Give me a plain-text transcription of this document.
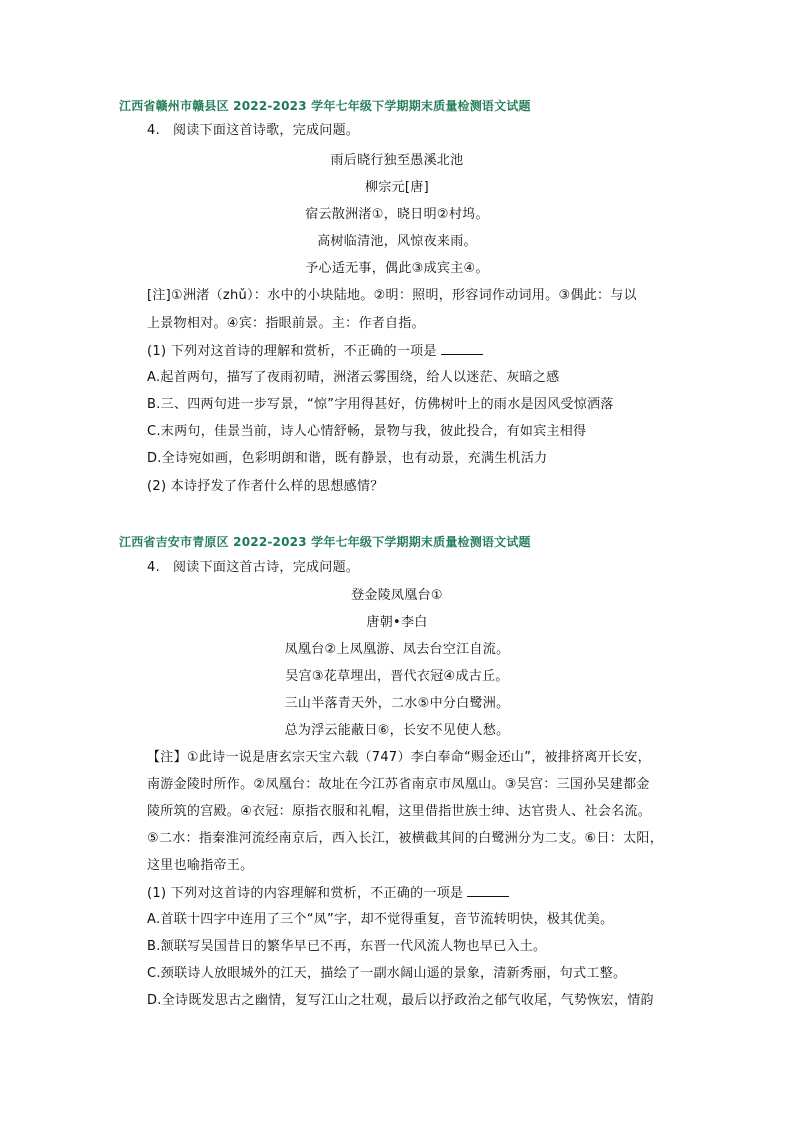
江西省赣州市赣县区 2022-2023 学年七年级下学期期末质量检测语文试题
4. 阅读下面这首诗歌，完成问题。
雨后晓行独至愚溪北池
柳宗元[唐]
宿云散洲渚①，晓日明②村坞。
高树临清池，风惊夜来雨。
予心适无事，偶此③成宾主④。
[注]①洲渚（zhǔ）：水中的小块陆地。②明：照明，形容词作动词用。③偶此：与以
上景物相对。④宾：指眼前景。主：作者自指。
(1) 下列对这首诗的理解和赏析，不正确的一项是
A.起首两句，描写了夜雨初晴，洲渚云雾围绕，给人以迷茫、灰暗之感
B.三、四两句进一步写景，“惊”字用得甚好，仿佛树叶上的雨水是因风受惊洒落
C.末两句，佳景当前，诗人心情舒畅，景物与我，彼此投合，有如宾主相得
D.全诗宛如画，色彩明朗和谐，既有静景，也有动景，充满生机活力
(2) 本诗抒发了作者什么样的思想感情？
江西省吉安市青原区 2022-2023 学年七年级下学期期末质量检测语文试题
4. 阅读下面这首古诗，完成问题。
登金陵凤凰台①
唐朝•李白
凤凰台②上凤凰游、凤去台空江自流。
吴宫③花草埋出，晋代衣冠④成古丘。
三山半落青天外，二水⑤中分白鹭洲。
总为浮云能蔽日⑥，长安不见使人愁。
【注】①此诗一说是唐玄宗天宝六载（747）李白奉命“赐金还山”，被排挤离开长安，
南游金陵时所作。②凤凰台：故址在今江苏省南京市凤凰山。③吴宫：三国孙吴建都金
陵所筑的宫殿。④衣冠：原指衣服和礼帽，这里借指世族士绅、达官贵人、社会名流。
⑤二水：指秦淮河流经南京后，西入长江，被横截其间的白鹭洲分为二支。⑥日：太阳，
这里也喻指帝王。
(1) 下列对这首诗的内容理解和赏析，不正确的一项是
A.首联十四字中连用了三个“凤”字，却不觉得重复，音节流转明快，极其优美。
B.颔联写吴国昔日的繁华早已不再，东晋一代风流人物也早已入土。
C.颈联诗人放眼城外的江天，描绘了一副水阔山遥的景象，清新秀丽，句式工整。
D.全诗既发思古之幽情，复写江山之壮观，最后以抒政治之郁气收尾，气势恢宏，情韵
